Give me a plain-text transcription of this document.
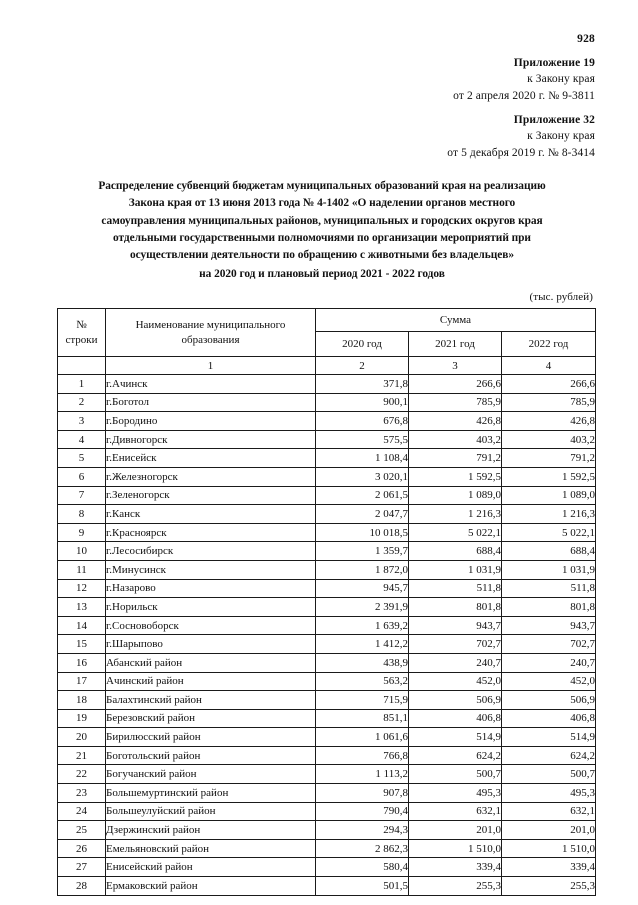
928
Приложение 19
к Закону края
от 2 апреля 2020 г. № 9-3811
Приложение 32
к Закону края
от 5 декабря 2019 г. № 8-3414
Распределение субвенций бюджетам муниципальных образований края на реализацию
Закона края от 13 июня 2013 года № 4-1402 «О наделении органов местного
самоуправления муниципальных районов, муниципальных и городских округов края
отдельными государственными полномочиями по организации мероприятий при
осуществлении деятельности по обращению с животными без владельцев»
на 2020 год и плановый период 2021 - 2022 годов
(тыс. рублей)
№
строки	Наименование муниципального образования	Сумма		
		2020 год	2021 год	2022 год
	1	2	3	4
1	г.Ачинск	371,8	266,6	266,6
2	г.Боготол	900,1	785,9	785,9
3	г.Бородино	676,8	426,8	426,8
4	г.Дивногорск	575,5	403,2	403,2
5	г.Енисейск	1 108,4	791,2	791,2
6	г.Железногорск	3 020,1	1 592,5	1 592,5
7	г.Зеленогорск	2 061,5	1 089,0	1 089,0
8	г.Канск	2 047,7	1 216,3	1 216,3
9	г.Красноярск	10 018,5	5 022,1	5 022,1
10	г.Лесосибирск	1 359,7	688,4	688,4
11	г.Минусинск	1 872,0	1 031,9	1 031,9
12	г.Назарово	945,7	511,8	511,8
13	г.Норильск	2 391,9	801,8	801,8
14	г.Сосновоборск	1 639,2	943,7	943,7
15	г.Шарыпово	1 412,2	702,7	702,7
16	Абанский район	438,9	240,7	240,7
17	Ачинский район	563,2	452,0	452,0
18	Балахтинский район	715,9	506,9	506,9
19	Березовский район	851,1	406,8	406,8
20	Бирилюсский район	1 061,6	514,9	514,9
21	Боготольский район	766,8	624,2	624,2
22	Богучанский район	1 113,2	500,7	500,7
23	Большемуртинский район	907,8	495,3	495,3
24	Большеулуйский район	790,4	632,1	632,1
25	Дзержинский район	294,3	201,0	201,0
26	Емельяновский район	2 862,3	1 510,0	1 510,0
27	Енисейский район	580,4	339,4	339,4
28	Ермаковский район	501,5	255,3	255,3
